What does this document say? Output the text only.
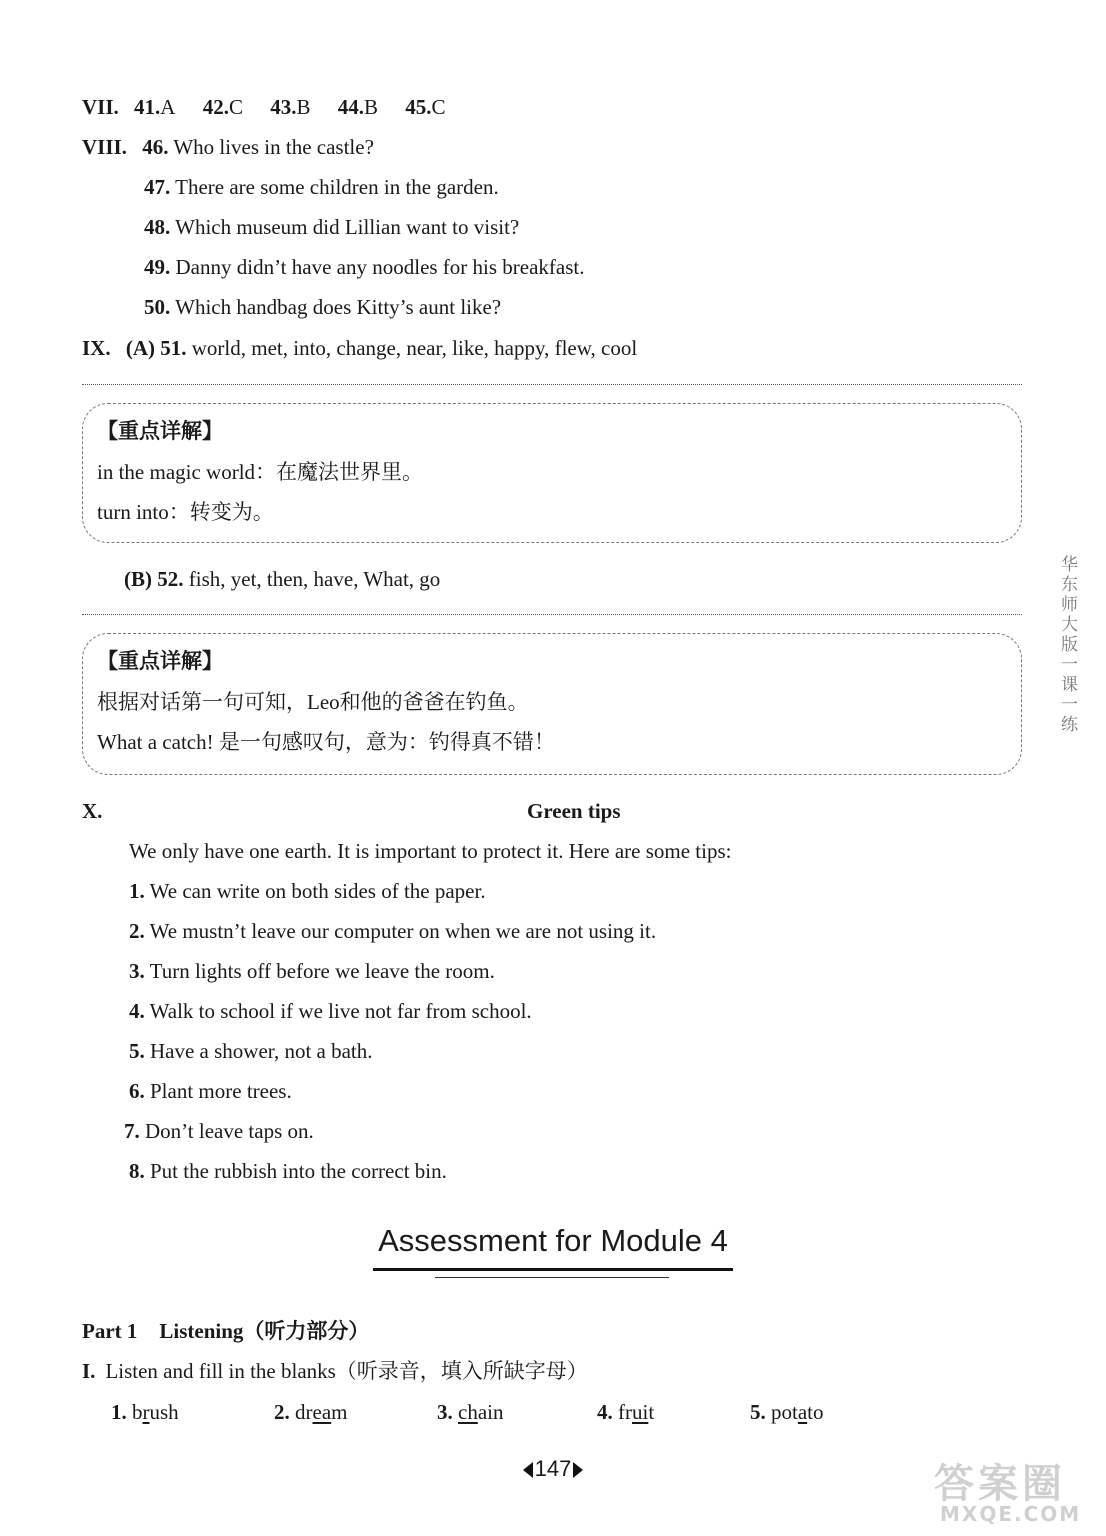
VII. 41.A 42.C 43.B 44.B 45.C
VIII. 46. Who lives in the castle?
47. There are some children in the garden.
48. Which museum did Lillian want to visit?
49. Danny didn’t have any noodles for his breakfast.
50. Which handbag does Kitty’s aunt like?
IX. (A) 51. world, met, into, change, near, like, happy, flew, cool
【重点详解】
in the magic world：在魔法世界里。
turn into：转变为。
(B) 52. fish, yet, then, have, What, go
【重点详解】
根据对话第一句可知，Leo和他的爸爸在钓鱼。
What a catch! 是一句感叹句，意为：钓得真不错！
X.	Green tips
We only have one earth. It is important to protect it. Here are some tips:
1. We can write on both sides of the paper.
2. We mustn’t leave our computer on when we are not using it.
3. Turn lights off before we leave the room.
4. Walk to school if we live not far from school.
5. Have a shower, not a bath.
6. Plant more trees.
7. Don’t leave taps on.
8. Put the rubbish into the correct bin.
Assessment for Module 4
Part 1 Listening（听力部分）
I. Listen and fill in the blanks（听录音，填入所缺字母）
1. brush	2. dream	3. chain	4. fruit	5. potato
华东师大版一课一练
147	答案圈
MXQE.COM
